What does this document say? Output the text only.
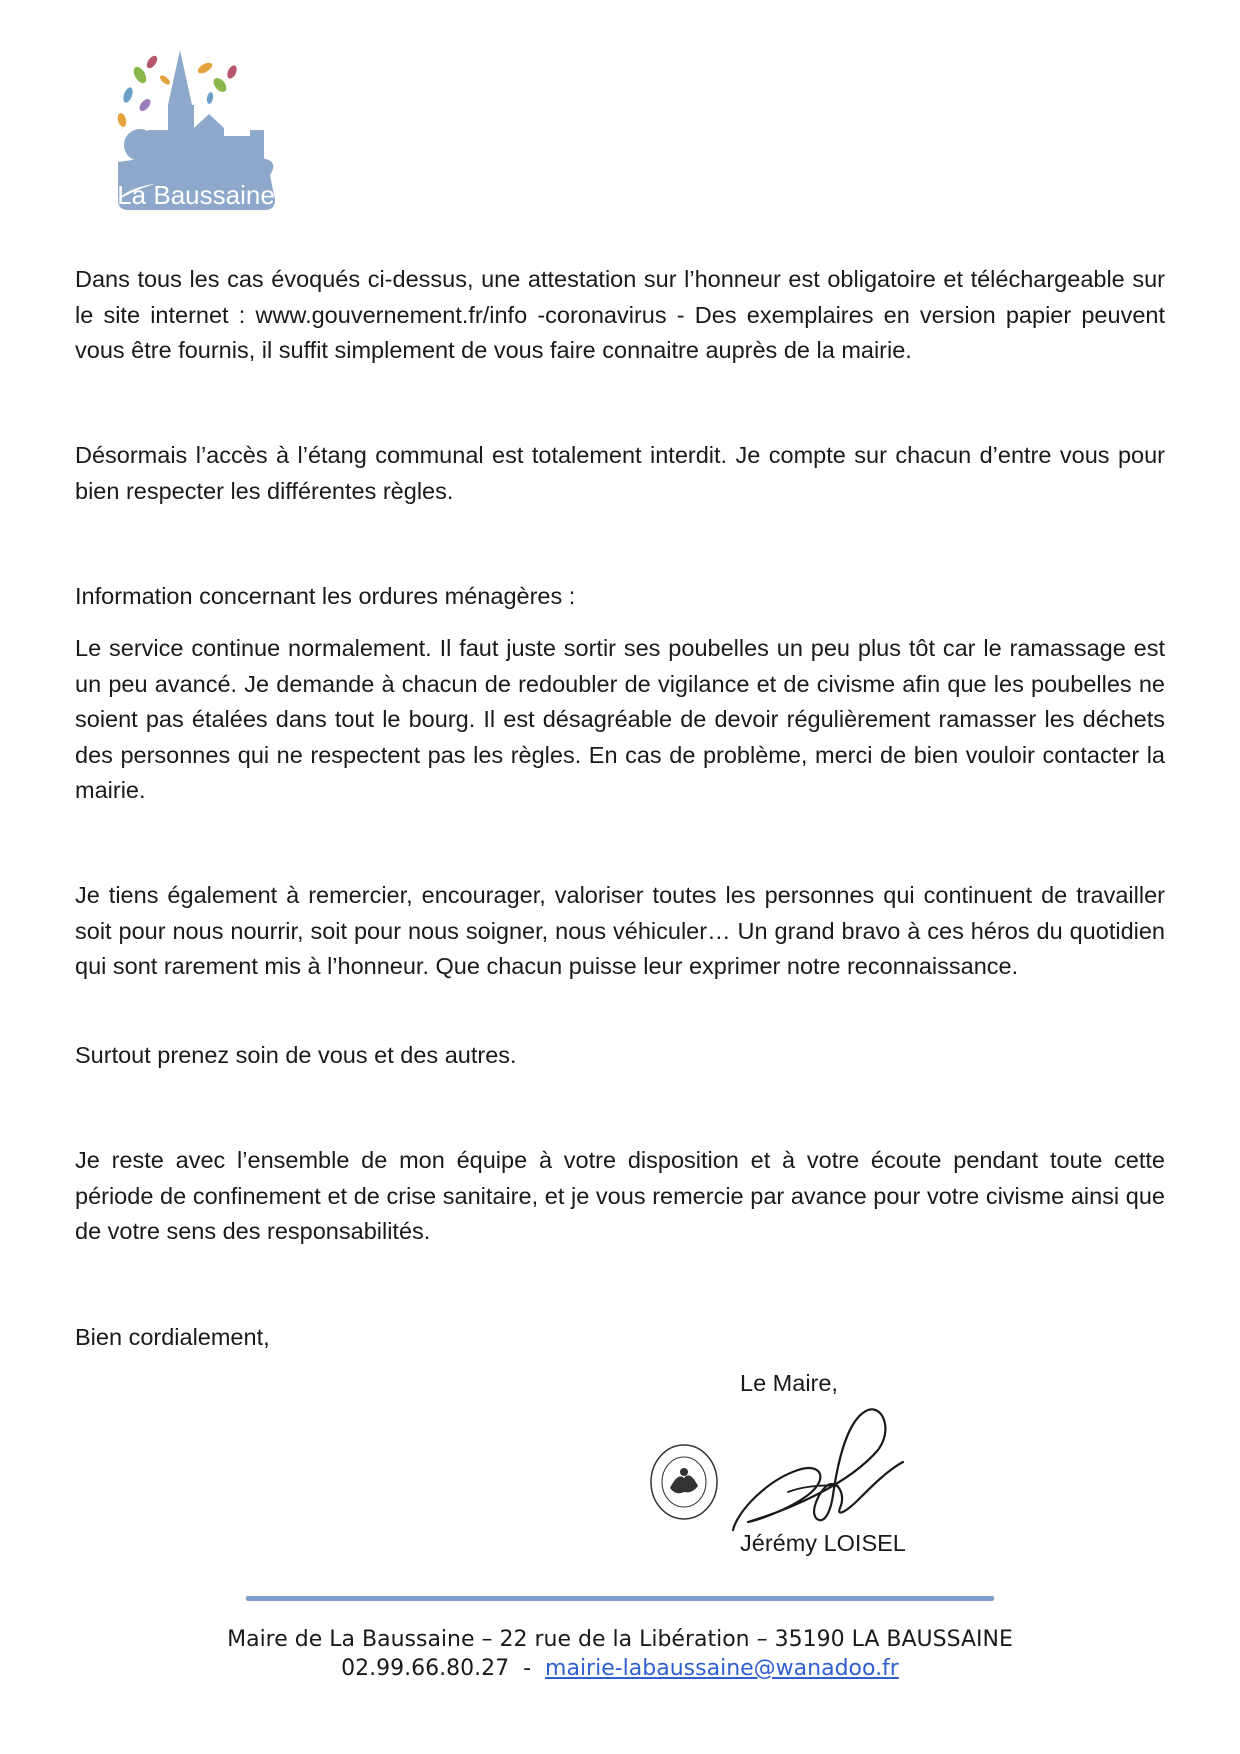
La Baussaine

Dans tous les cas évoqués ci-dessus, une attestation sur l’honneur est obligatoire et téléchargeable sur le site internet : www.gouvernement.fr/info -coronavirus - Des exemplaires en version papier peuvent vous être fournis, il suffit simplement de vous faire connaitre auprès de la mairie.

Désormais l’accès à l’étang communal est totalement interdit. Je compte sur chacun d’entre vous pour bien respecter les différentes règles.

Information concernant les ordures ménagères :

Le service continue normalement. Il faut juste sortir ses poubelles un peu plus tôt car le ramassage est un peu avancé. Je demande à chacun de redoubler de vigilance et de civisme afin que les poubelles ne soient pas étalées dans tout le bourg. Il est désagréable de devoir régulièrement ramasser les déchets des personnes qui ne respectent pas les règles. En cas de problème, merci de bien vouloir contacter la mairie.

Je tiens également à remercier, encourager, valoriser toutes les personnes qui continuent de travailler soit pour nous nourrir, soit pour nous soigner, nous véhiculer… Un grand bravo à ces héros du quotidien qui sont rarement mis à l’honneur. Que chacun puisse leur exprimer notre reconnaissance.

Surtout prenez soin de vous et des autres.

Je reste avec l’ensemble de mon équipe à votre disposition et à votre écoute pendant toute cette période de confinement et de crise sanitaire, et je vous remercie par avance pour votre civisme ainsi que de votre sens des responsabilités.

Bien cordialement,

Le Maire,
Jérémy LOISEL
Maire de La Baussaine – 22 rue de la Libération – 35190 LA BAUSSAINE
02.99.66.80.27 - mairie-labaussaine@wanadoo.fr
